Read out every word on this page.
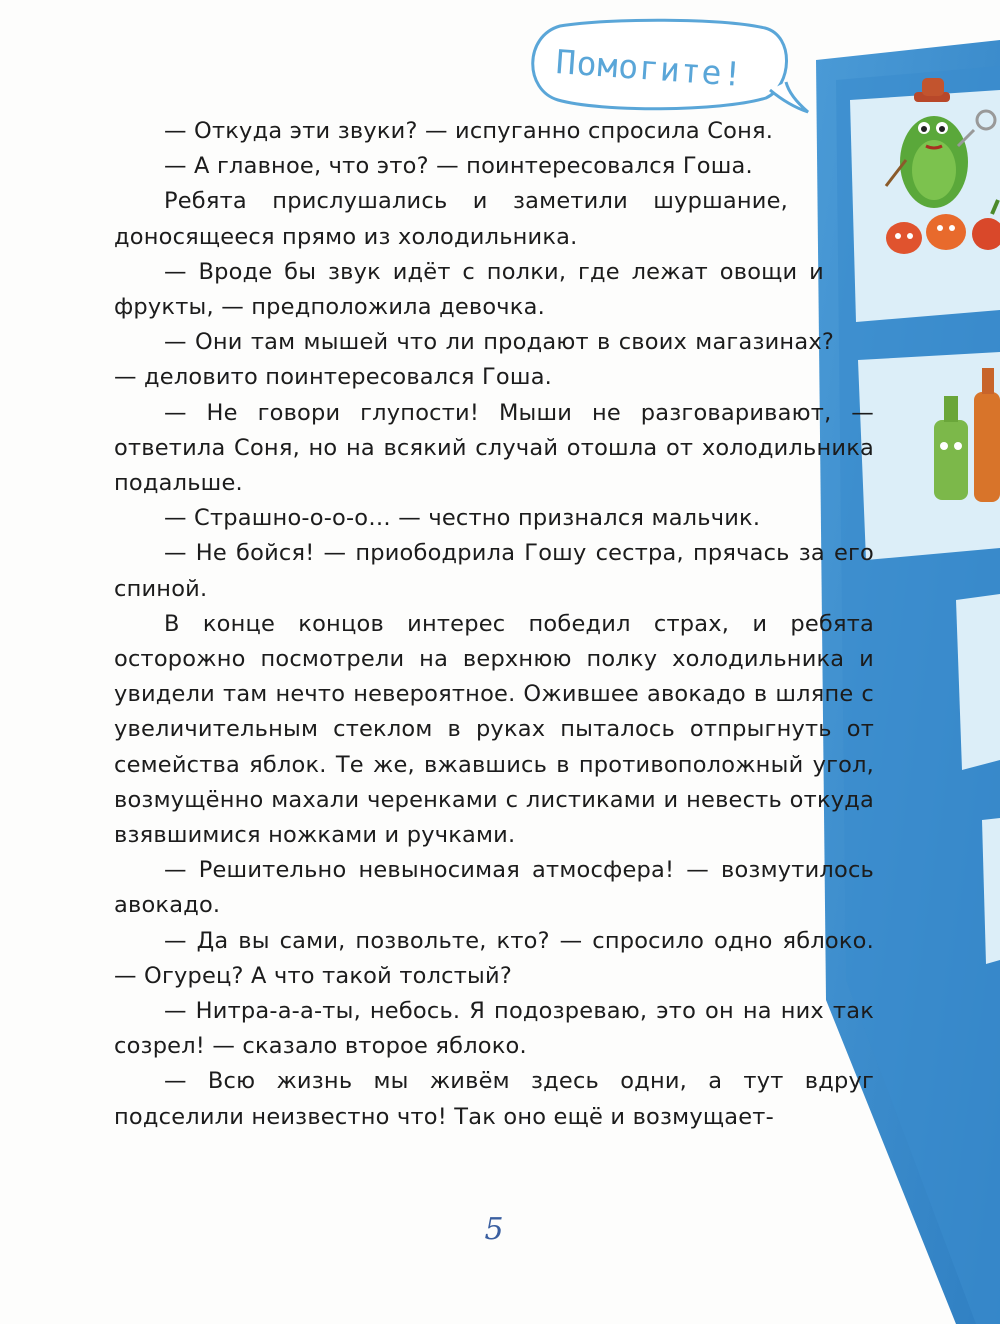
Помогите!

— Откуда эти звуки? — испуганно спросила Соня.

— А главное, что это? — поинтересовался Гоша.

Ребята прислушались и заметили шуршание, доносящееся прямо из холодильника.

— Вроде бы звук идёт с полки, где лежат овощи и фрукты, — предположила девочка.

— Они там мышей что ли продают в своих магазинах? — деловито поинтересовался Гоша.

— Не говори глупости! Мыши не разговаривают, — ответила Соня, но на всякий случай отошла от холодильника подальше.

— Страшно-о-о-о… — честно признался мальчик.

— Не бойся! — приободрила Гошу сестра, прячась за его спиной.

В конце концов интерес победил страх, и ребята осторожно посмотрели на верхнюю полку холодильника и увидели там нечто невероятное. Ожившее авокадо в шляпе с увеличительным стеклом в руках пыталось отпрыгнуть от семейства яблок. Те же, вжавшись в противоположный угол, возмущённо махали черенками с листиками и невесть откуда взявшимися ножками и ручками.

— Решительно невыносимая атмосфера! — возмутилось авокадо.

— Да вы сами, позвольте, кто? — спросило одно яблоко. — Огурец? А что такой толстый?

— Нитра-а-а-ты, небось. Я подозреваю, это он на них так созрел! — сказало второе яблоко.

— Всю жизнь мы живём здесь одни, а тут вдруг подселили неизвестно что! Так оно ещё и возмущает-

5
